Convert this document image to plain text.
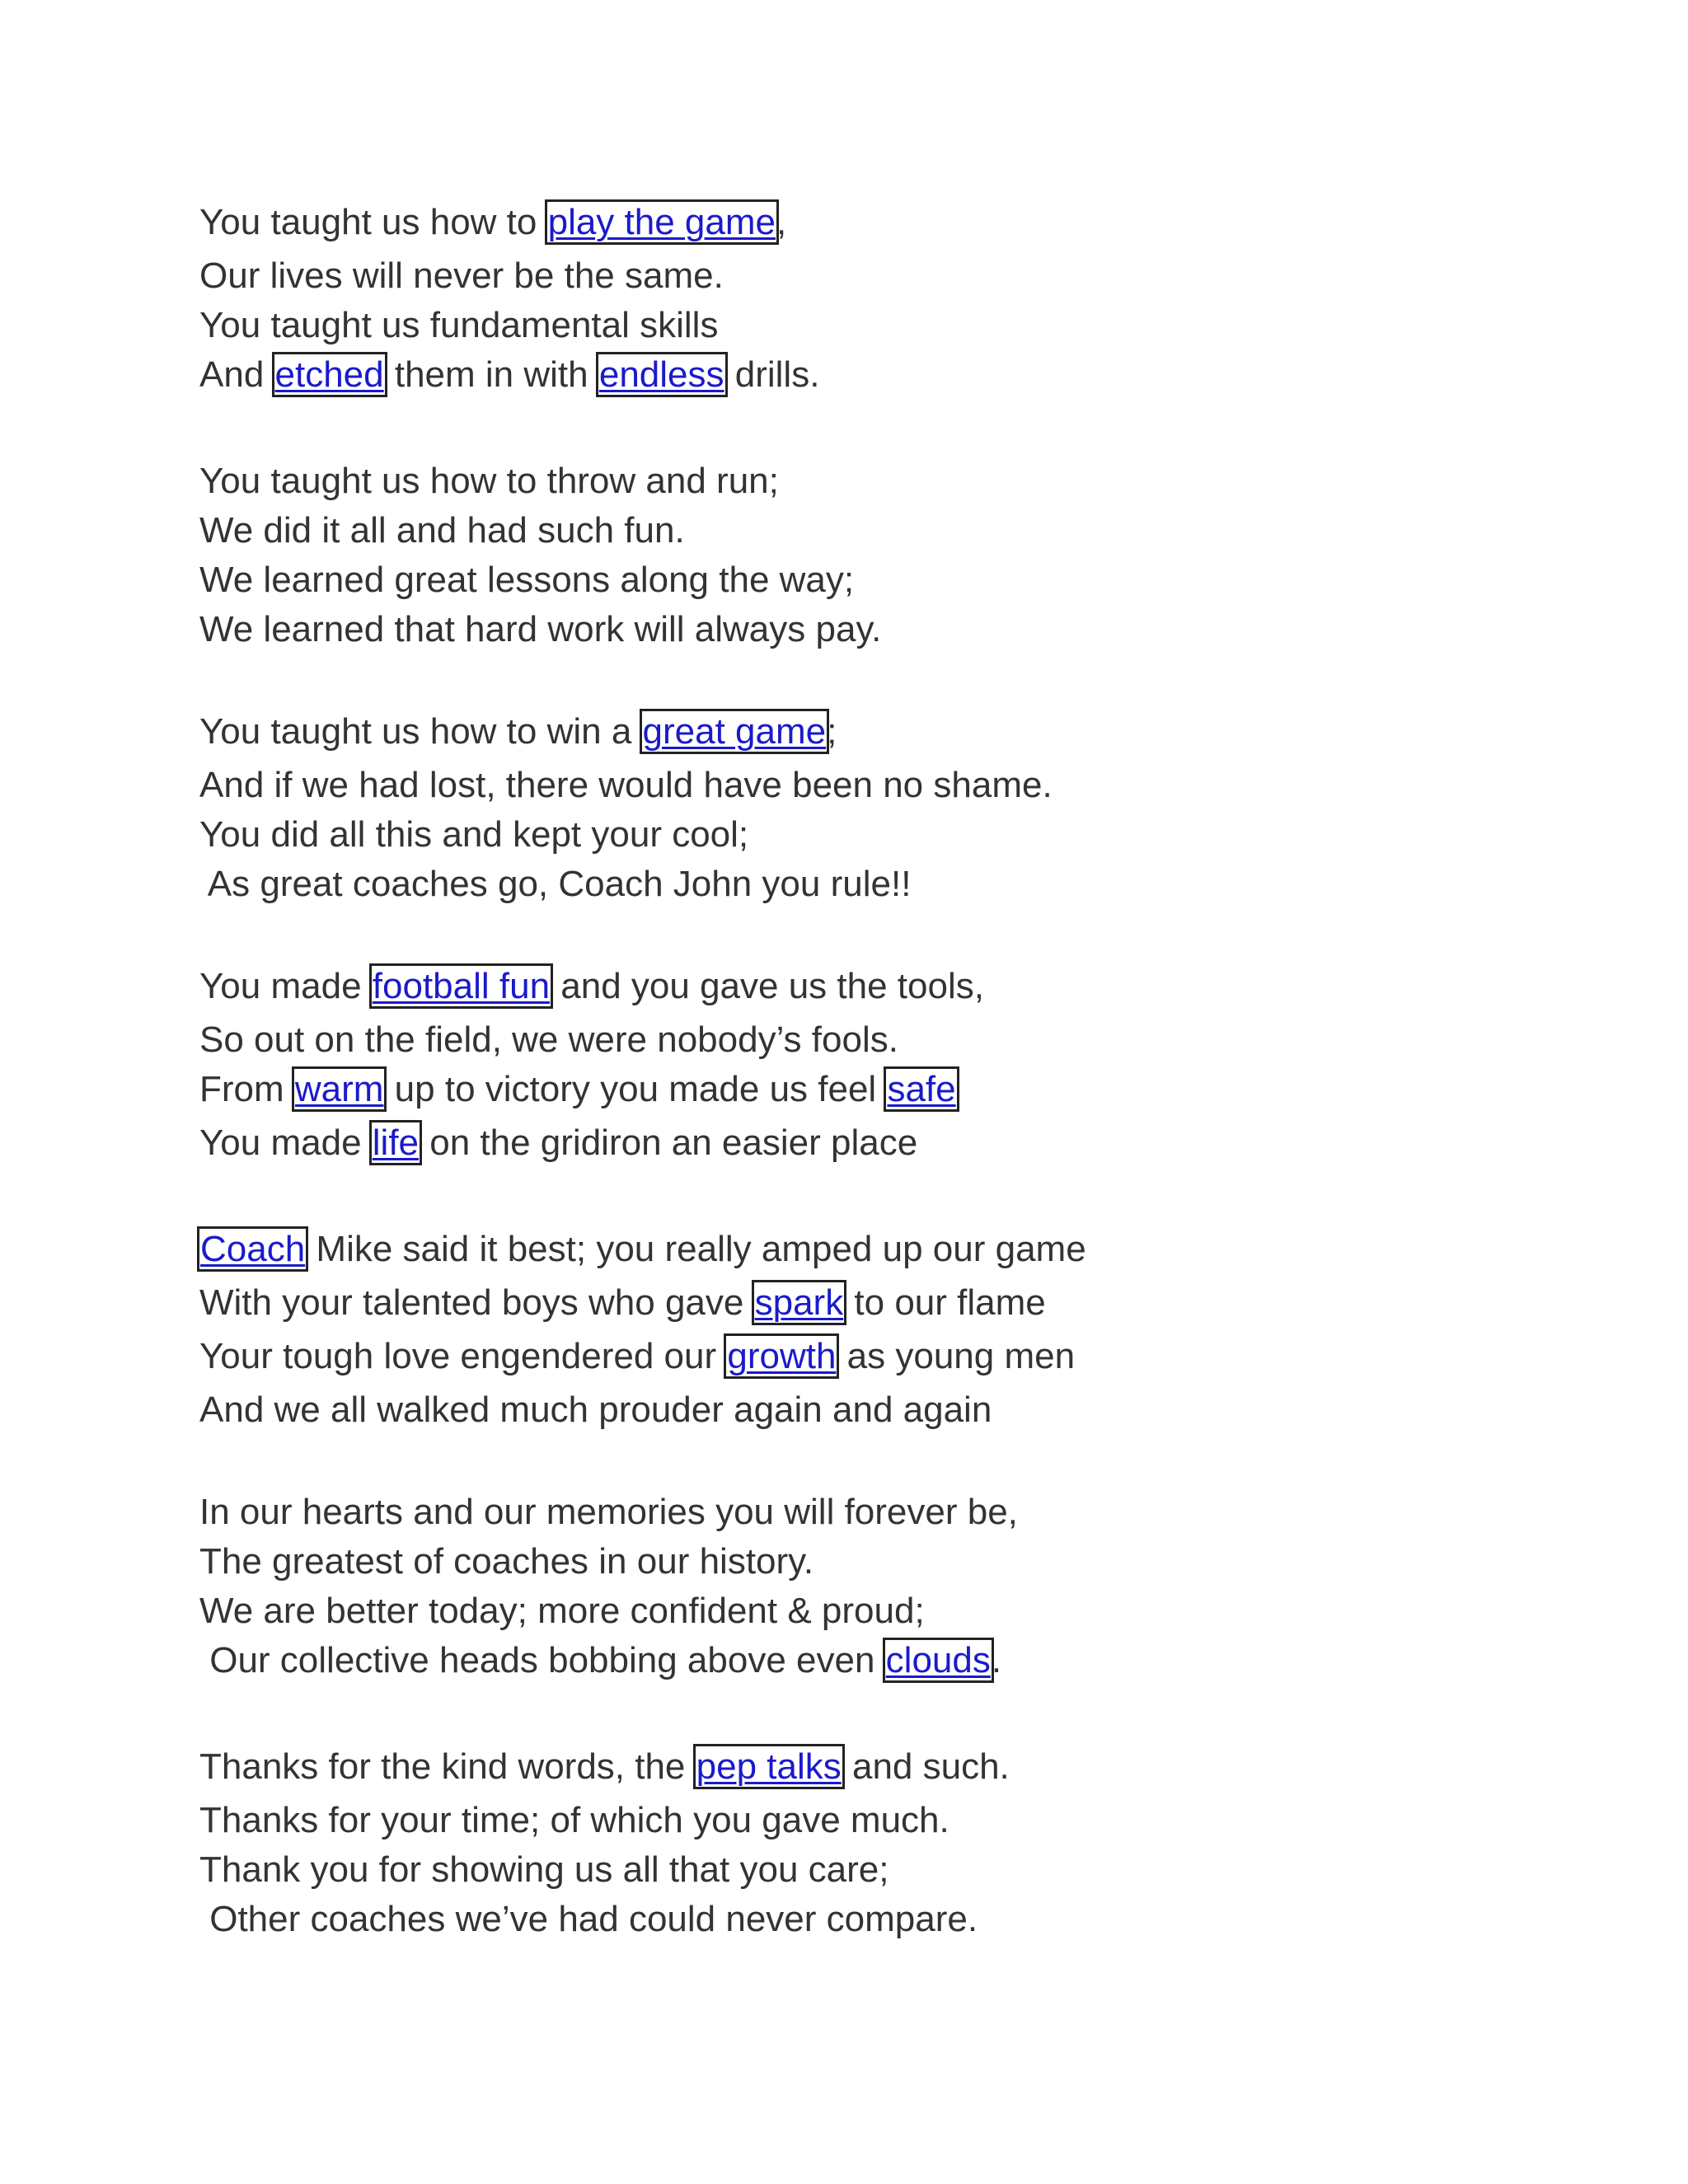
You taught us how to play the game,
Our lives will never be the same.
You taught us fundamental skills
And etched them in with endless drills.
You taught us how to throw and run;
We did it all and had such fun.
We learned great lessons along the way;
We learned that hard work will always pay.
You taught us how to win a great game;
And if we had lost, there would have been no shame.
You did all this and kept your cool;
As great coaches go, Coach John you rule!!
You made football fun and you gave us the tools,
So out on the field, we were nobody’s fools.
From warm up to victory you made us feel safe
You made life on the gridiron an easier place
Coach Mike said it best; you really amped up our game
With your talented boys who gave spark to our flame
Your tough love engendered our growth as young men
And we all walked much prouder again and again
In our hearts and our memories you will forever be,
The greatest of coaches in our history.
We are better today; more confident & proud;
Our collective heads bobbing above even clouds.
Thanks for the kind words, the pep talks and such.
Thanks for your time; of which you gave much.
Thank you for showing us all that you care;
Other coaches we’ve had could never compare.
